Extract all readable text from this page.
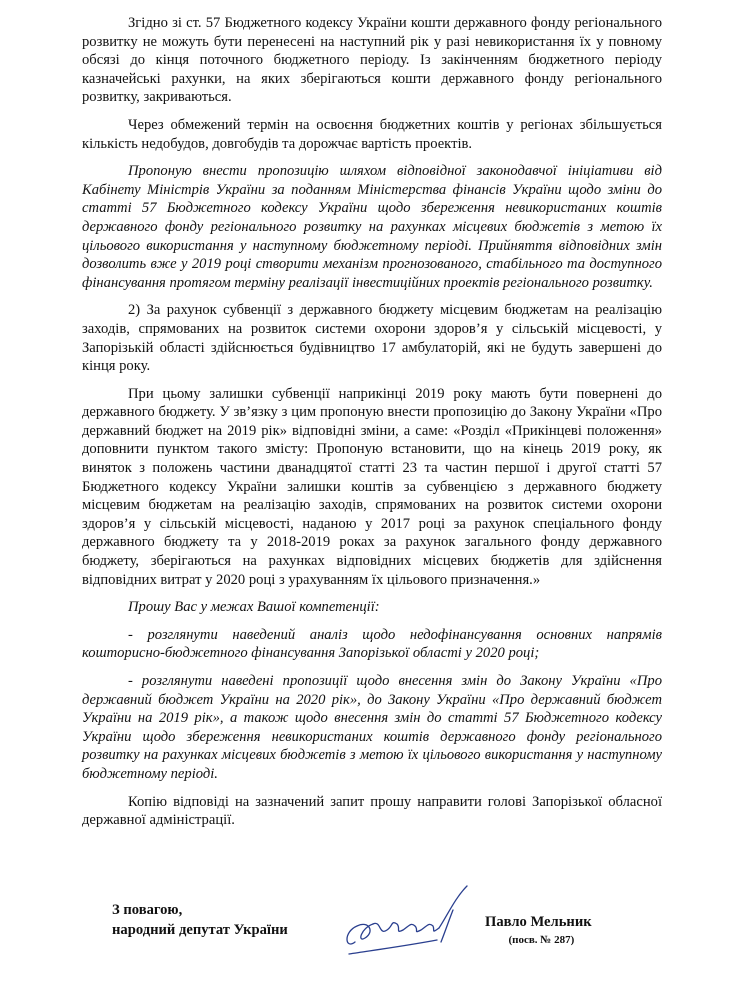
Згідно зі ст. 57 Бюджетного кодексу України кошти державного фонду регіонального розвитку не можуть бути перенесені на наступний рік у разі невикористання їх у повному обсязі до кінця поточного бюджетного періоду. Із закінченням бюджетного періоду казначейські рахунки, на яких зберігаються кошти державного фонду регіонального розвитку, закриваються.

Через обмежений термін на освоєння бюджетних коштів у регіонах збільшується кількість недобудов, довгобудів та дорожчає вартість проектів.

Пропоную внести пропозицію шляхом відповідної законодавчої ініціативи від Кабінету Міністрів України за поданням Міністерства фінансів України щодо зміни до статті 57 Бюджетного кодексу України щодо збереження невикористаних коштів державного фонду регіонального розвитку на рахунках місцевих бюджетів з метою їх цільового використання у наступному бюджетному періоді. Прийняття відповідних змін дозволить вже у 2019 році створити механізм прогнозованого, стабільного та доступного фінансування протягом терміну реалізації інвестиційних проектів регіонального розвитку.

2) За рахунок субвенції з державного бюджету місцевим бюджетам на реалізацію заходів, спрямованих на розвиток системи охорони здоров’я у сільській місцевості, у Запорізькій області здійснюється будівництво 17 амбулаторій, які не будуть завершені до кінця року.

При цьому залишки субвенції наприкінці 2019 року мають бути повернені до державного бюджету. У зв’язку з цим пропоную внести пропозицію до Закону України «Про державний бюджет на 2019 рік» відповідні зміни, а саме: «Розділ «Прикінцеві положення» доповнити пунктом такого змісту: Пропоную встановити, що на кінець 2019 року, як виняток з положень частини дванадцятої статті 23 та частин першої і другої статті 57 Бюджетного кодексу України залишки коштів за субвенцією з державного бюджету місцевим бюджетам на реалізацію заходів, спрямованих на розвиток системи охорони здоров’я у сільській місцевості, наданою у 2017 році за рахунок спеціального фонду державного бюджету та у 2018-2019 роках за рахунок загального фонду державного бюджету, зберігаються на рахунках відповідних місцевих бюджетів для здійснення відповідних витрат у 2020 році з урахуванням їх цільового призначення.»

Прошу Вас у межах Вашої компетенції:

- розглянути наведений аналіз щодо недофінансування основних напрямів кошторисно-бюджетного фінансування Запорізької області у 2020 році;

- розглянути наведені пропозиції щодо внесення змін до Закону України «Про державний бюджет України на 2020 рік», до Закону України «Про державний бюджет України на 2019 рік», а також щодо внесення змін до статті 57 Бюджетного кодексу України щодо збереження невикористаних коштів державного фонду регіонального розвитку на рахунках місцевих бюджетів з метою їх цільового використання у наступному бюджетному періоді.

Копію відповіді на зазначений запит прошу направити голові Запорізької обласної державної адміністрації.

З повагою,
народний депутат України	Павло Мельник
(посв. № 287)
